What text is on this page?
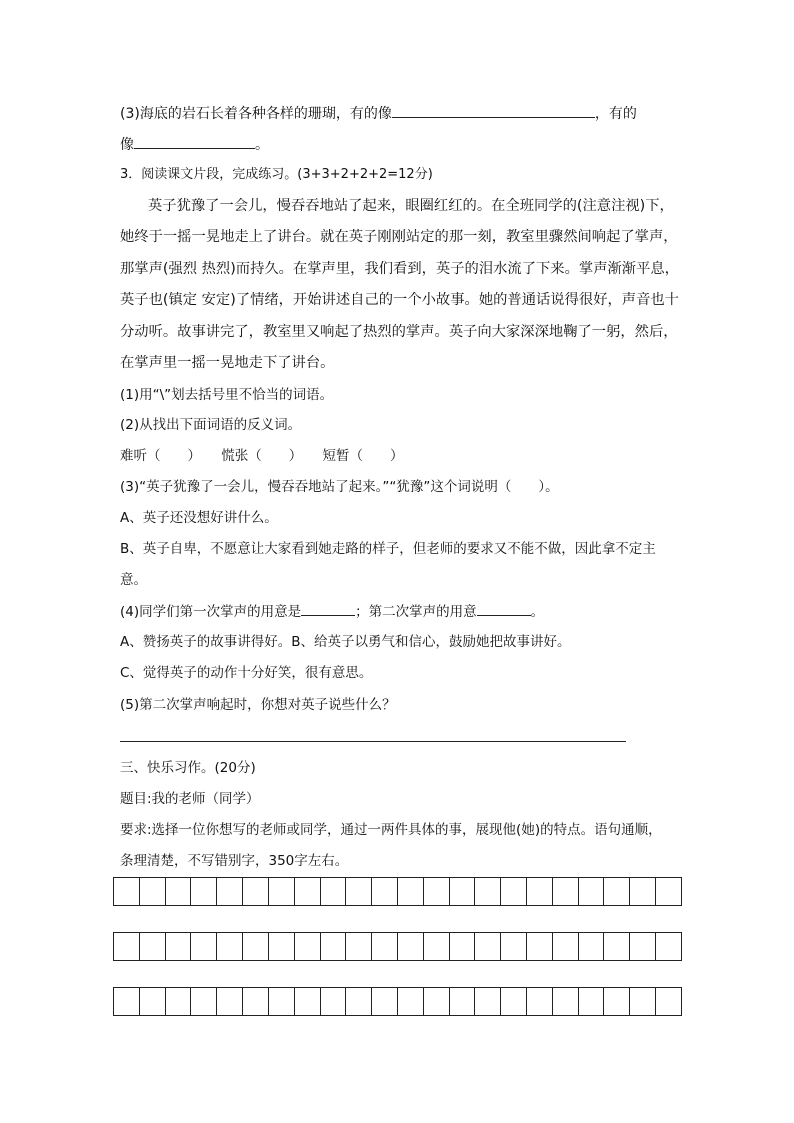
(3)海底的岩石长着各种各样的珊瑚，有的像	，有的
像	。
3．阅读课文片段，完成练习。(3+3+2+2+2=12分)
英子犹豫了一会儿，慢吞吞地站了起来，眼圈红红的。在全班同学的(注意注视)下，她终于一摇一晃地走上了讲台。就在英子刚刚站定的那一刻，教室里骤然间响起了掌声，那掌声(强烈 热烈)而持久。在掌声里，我们看到，英子的泪水流了下来。掌声渐渐平息，英子也(镇定 安定)了情绪，开始讲述自己的一个小故事。她的普通话说得很好，声音也十分动听。故事讲完了，教室里又响起了热烈的掌声。英子向大家深深地鞠了一躬，然后，在掌声里一摇一晃地走下了讲台。
(1)用“\”划去括号里不恰当的词语。
(2)从找出下面词语的反义词。
难听（　　）　　慌张（　　）　　短暂（　　）
(3)“英子犹豫了一会儿，慢吞吞地站了起来。”“犹豫”这个词说明（　　）。
A、英子还没想好讲什么。
B、英子自卑，不愿意让大家看到她走路的样子，但老师的要求又不能不做，因此拿不定主
意。
(4)同学们第一次掌声的用意是	；第二次掌声的用意	。
A、赞扬英子的故事讲得好。B、给英子以勇气和信心，鼓励她把故事讲好。
C、觉得英子的动作十分好笑，很有意思。
(5)第二次掌声响起时，你想对英子说些什么？
三、快乐习作。(20分)
题目:我的老师（同学）
要求:选择一位你想写的老师或同学，通过一两件具体的事，展现他(她)的特点。语句通顺，
条理清楚，不写错别字，350字左右。
